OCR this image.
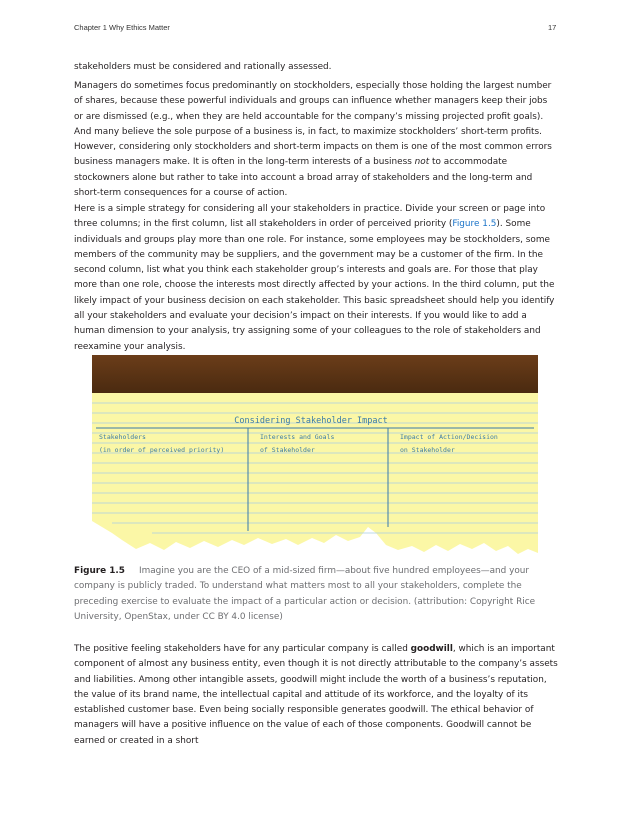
Chapter 1 Why Ethics Matter	17
stakeholders must be considered and rationally assessed.
Managers do sometimes focus predominantly on stockholders, especially those holding the largest number of shares, because these powerful individuals and groups can influence whether managers keep their jobs or are dismissed (e.g., when they are held accountable for the company’s missing projected profit goals). And many believe the sole purpose of a business is, in fact, to maximize stockholders’ short-term profits. However, considering only stockholders and short-term impacts on them is one of the most common errors business managers make. It is often in the long-term interests of a business not to accommodate stockowners alone but rather to take into account a broad array of stakeholders and the long-term and short-term consequences for a course of action.
Here is a simple strategy for considering all your stakeholders in practice. Divide your screen or page into three columns; in the first column, list all stakeholders in order of perceived priority (Figure 1.5). Some individuals and groups play more than one role. For instance, some employees may be stockholders, some members of the community may be suppliers, and the government may be a customer of the firm. In the second column, list what you think each stakeholder group’s interests and goals are. For those that play more than one role, choose the interests most directly affected by your actions. In the third column, put the likely impact of your business decision on each stakeholder. This basic spreadsheet should help you identify all your stakeholders and evaluate your decision’s impact on their interests. If you would like to add a human dimension to your analysis, try assigning some of your colleagues to the role of stakeholders and reexamine your analysis.
Considering Stakeholder Impact
Stakeholders
(in order of perceived priority)
Interests and Goals
of Stakeholder
Impact of Action/Decision
on Stakeholder
Figure 1.5 Imagine you are the CEO of a mid-sized firm—about five hundred employees—and your company is publicly traded. To understand what matters most to all your stakeholders, complete the preceding exercise to evaluate the impact of a particular action or decision. (attribution: Copyright Rice University, OpenStax, under CC BY 4.0 license)
The positive feeling stakeholders have for any particular company is called goodwill, which is an important component of almost any business entity, even though it is not directly attributable to the company’s assets and liabilities. Among other intangible assets, goodwill might include the worth of a business’s reputation, the value of its brand name, the intellectual capital and attitude of its workforce, and the loyalty of its established customer base. Even being socially responsible generates goodwill. The ethical behavior of managers will have a positive influence on the value of each of those components. Goodwill cannot be earned or created in a short
